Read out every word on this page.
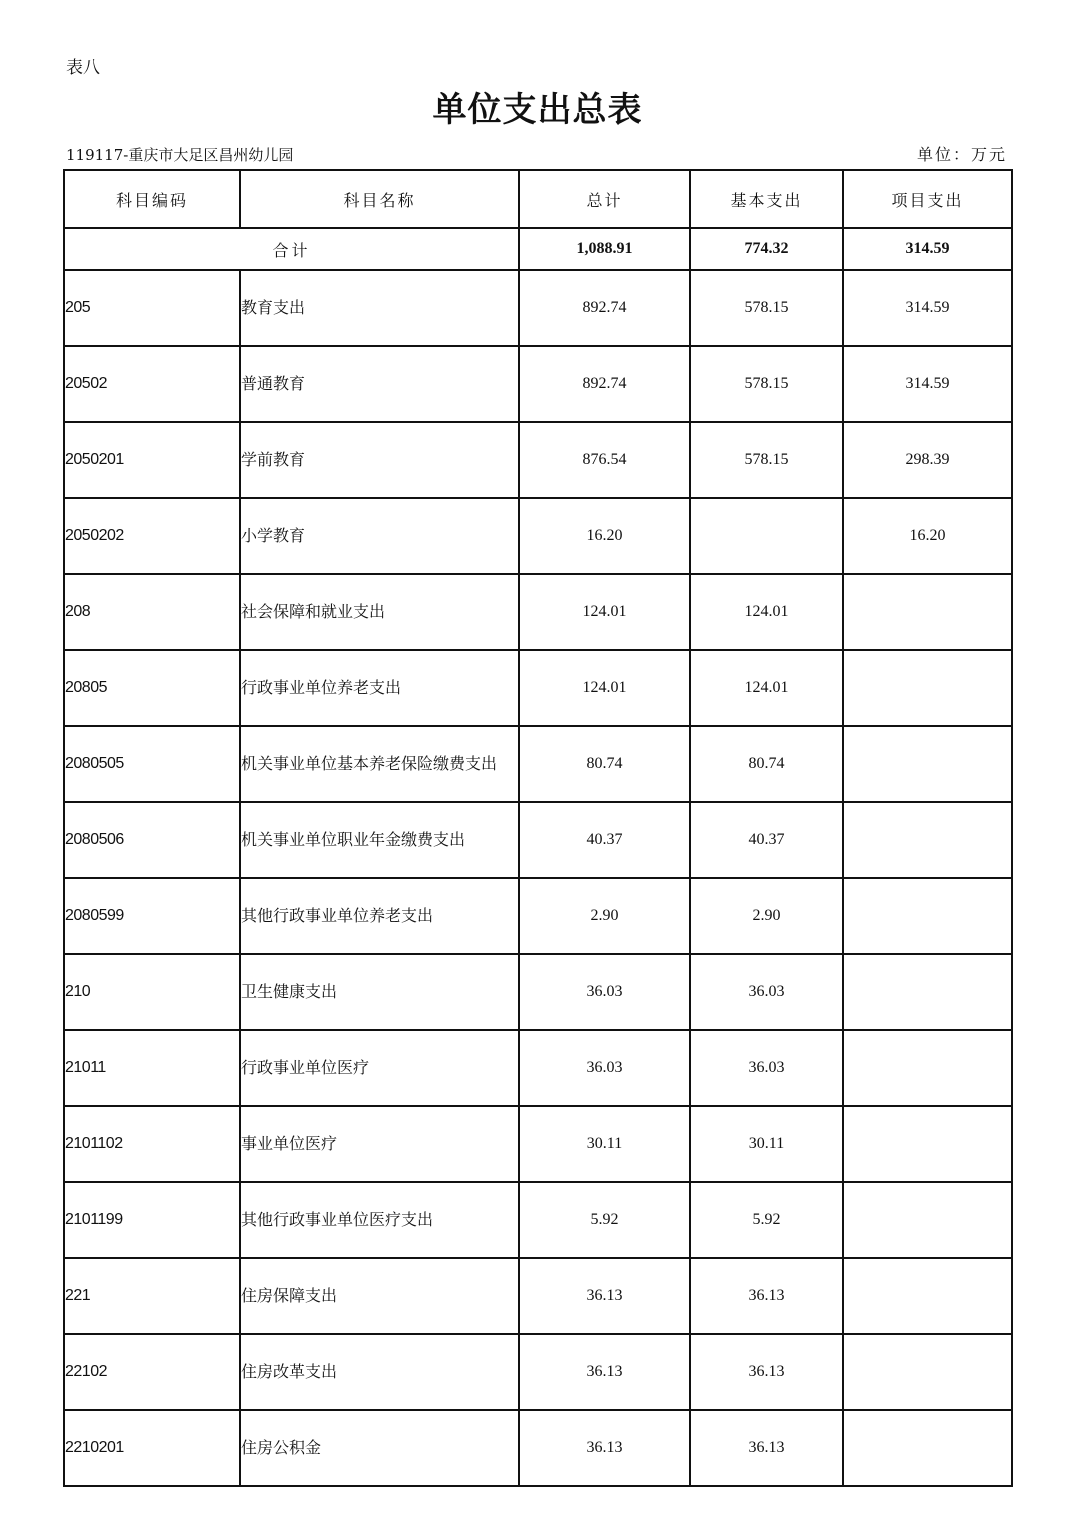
表八
单位支出总表
119117-重庆市大足区昌州幼儿园	单位：万元
科目编码	科目名称	总计	基本支出	项目支出
合计		1,088.91	774.32	314.59
205	教育支出	892.74	578.15	314.59
20502	普通教育	892.74	578.15	314.59
2050201	学前教育	876.54	578.15	298.39
2050202	小学教育	16.20		16.20
208	社会保障和就业支出	124.01	124.01	
20805	行政事业单位养老支出	124.01	124.01	
2080505	机关事业单位基本养老保险缴费支出	80.74	80.74	
2080506	机关事业单位职业年金缴费支出	40.37	40.37	
2080599	其他行政事业单位养老支出	2.90	2.90	
210	卫生健康支出	36.03	36.03	
21011	行政事业单位医疗	36.03	36.03	
2101102	事业单位医疗	30.11	30.11	
2101199	其他行政事业单位医疗支出	5.92	5.92	
221	住房保障支出	36.13	36.13	
22102	住房改革支出	36.13	36.13	
2210201	住房公积金	36.13	36.13	
